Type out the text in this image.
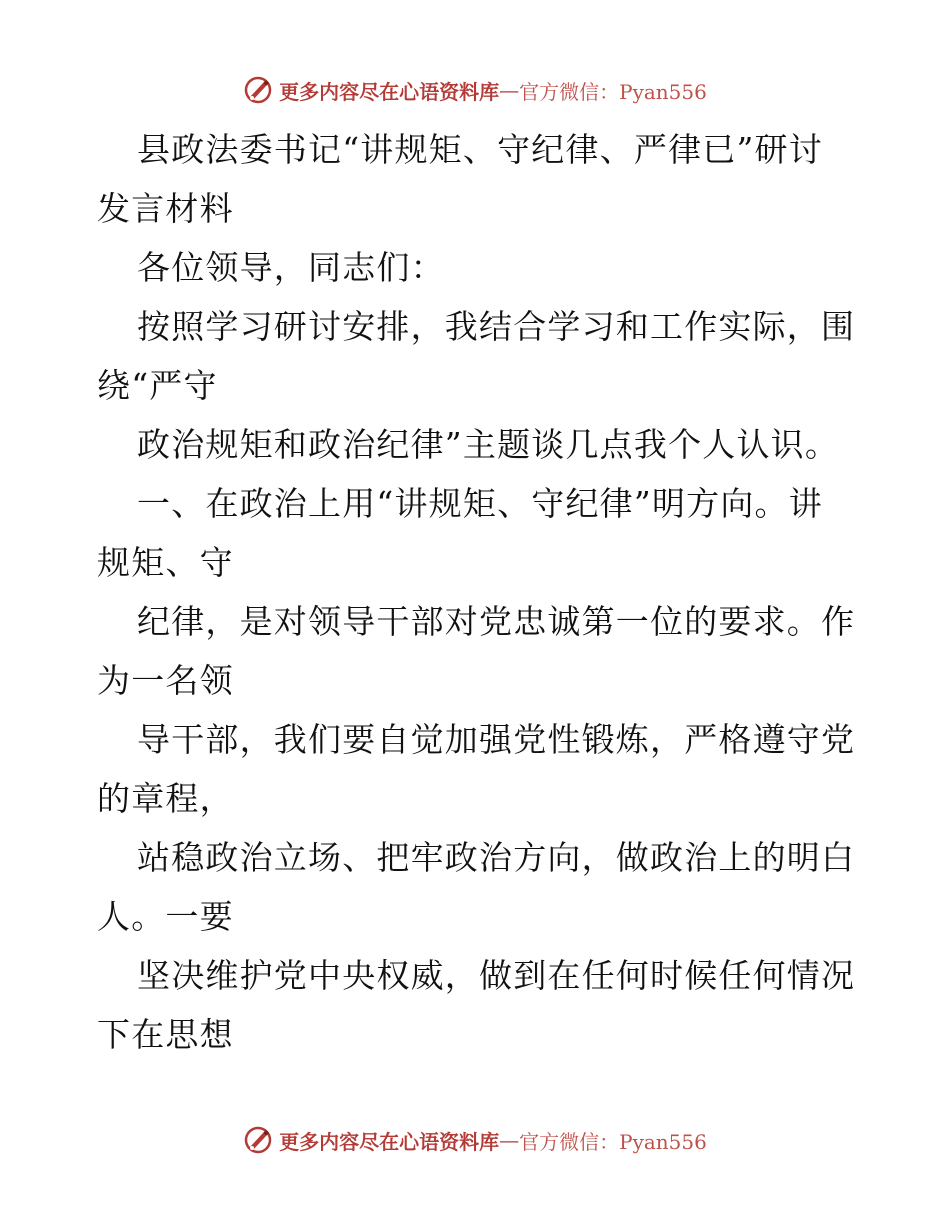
更多内容尽在心语资料库 — 官方微信：Pyan556

县政法委书记“讲规矩、守纪律、严律已”研讨发言材料

各位领导，同志们：

按照学习研讨安排，我结合学习和工作实际，围绕“严守

政治规矩和政治纪律”主题谈几点我个人认识。

一、在政治上用“讲规矩、守纪律”明方向。讲规矩、守

纪律，是对领导干部对党忠诚第一位的要求。作为一名领

导干部，我们要自觉加强党性锻炼，严格遵守党的章程，

站稳政治立场、把牢政治方向，做政治上的明白人。一要

坚决维护党中央权威，做到在任何时候任何情况下在思想

更多内容尽在心语资料库 — 官方微信：Pyan556
